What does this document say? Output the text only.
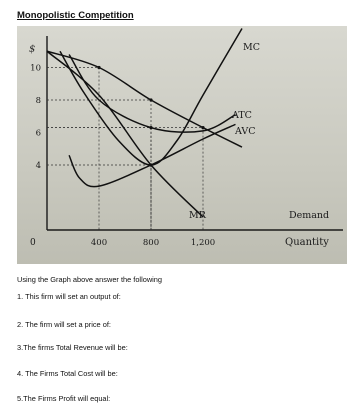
Monopolistic Competition
$
Quantity
0
10
8
6
4
400	800	1,200
Demand
MR
MC
ATC
AVC
Using the Graph above answer the following
1. This firm will set an output of:
2. The firm will set a price of:
3.The firms Total Revenue will be:
4. The Firms Total Cost will be:
5.The Firms Profit will equal:
